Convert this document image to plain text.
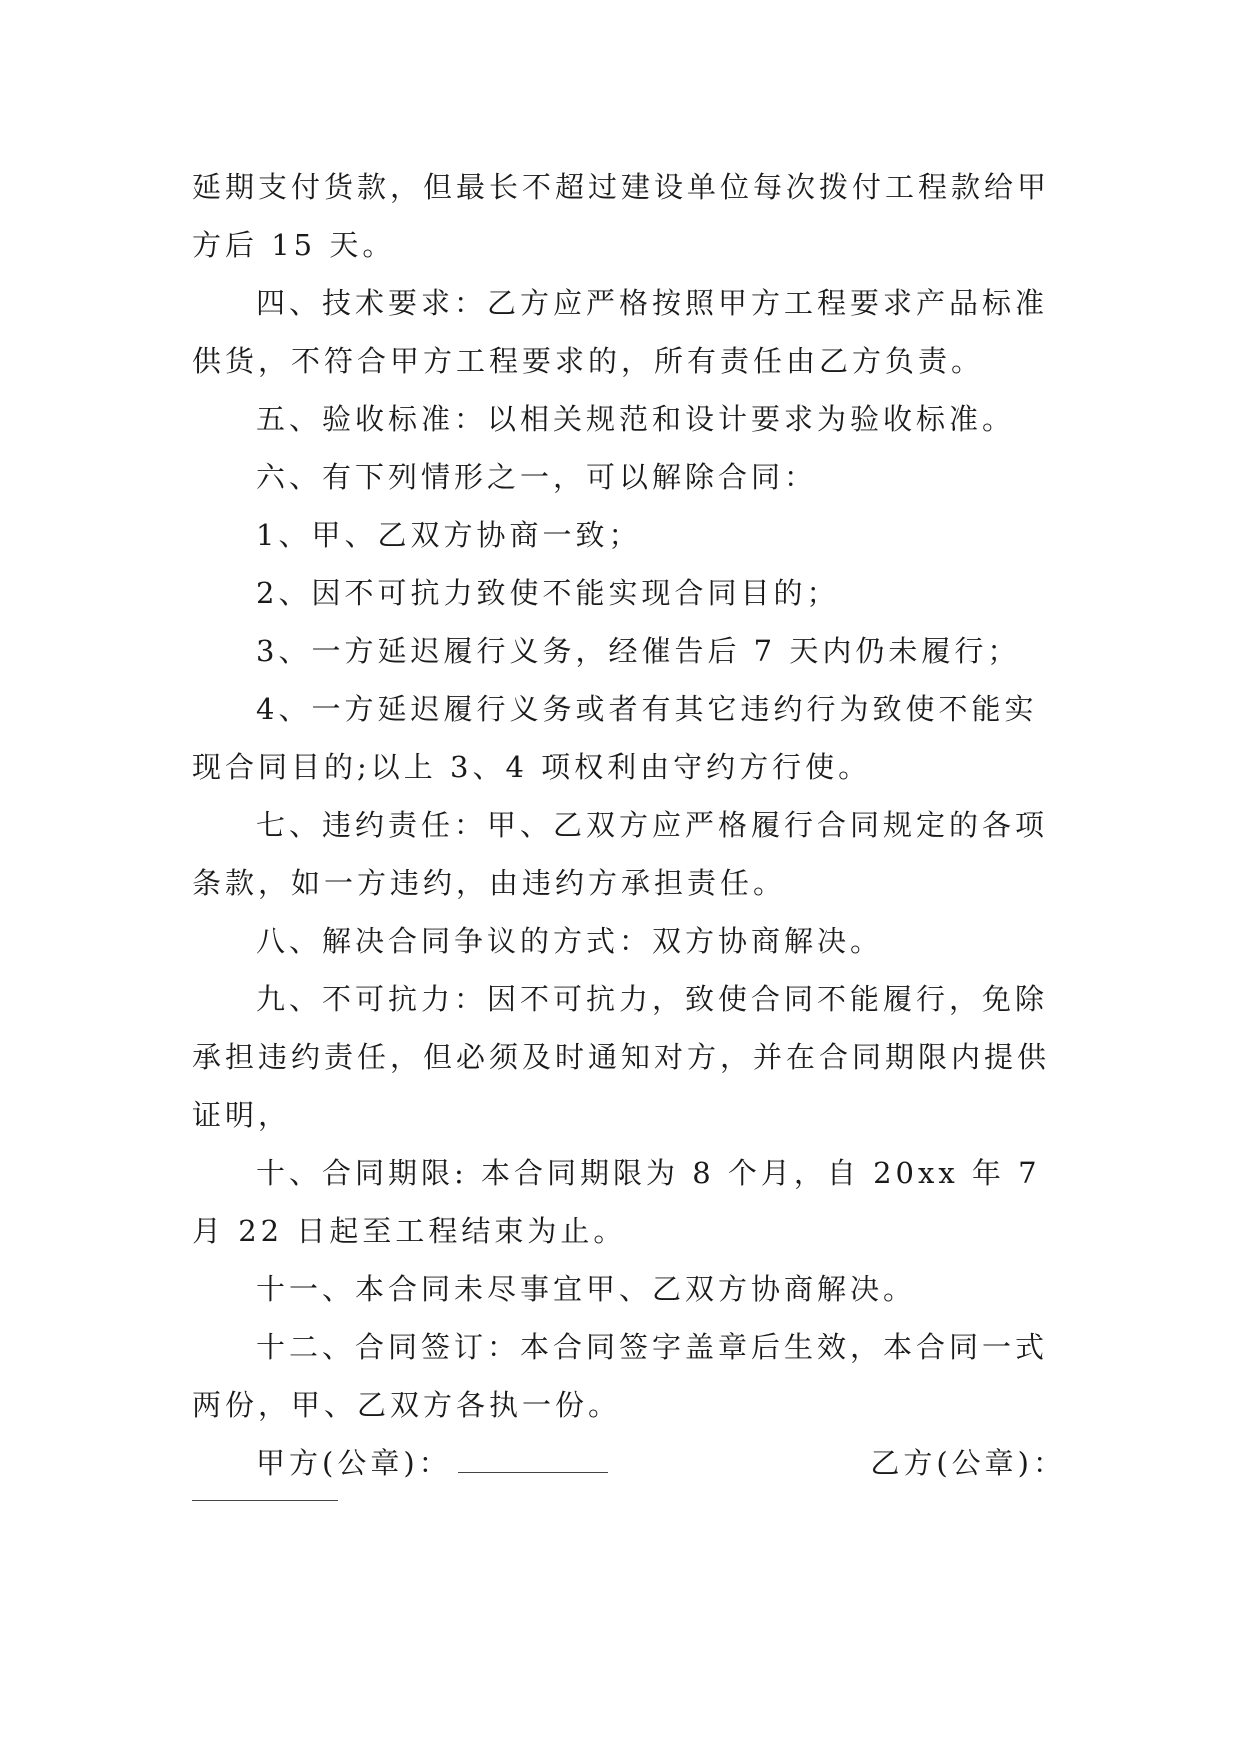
延期支付货款，但最长不超过建设单位每次拨付工程款给甲方后 15 天。

四、技术要求：乙方应严格按照甲方工程要求产品标准供货，不符合甲方工程要求的，所有责任由乙方负责。

五、验收标准：以相关规范和设计要求为验收标准。

六、有下列情形之一，可以解除合同：

1、甲、乙双方协商一致；

2、因不可抗力致使不能实现合同目的；

3、一方延迟履行义务，经催告后 7 天内仍未履行；

4、一方延迟履行义务或者有其它违约行为致使不能实现合同目的;以上 3、4 项权利由守约方行使。

七、违约责任：甲、乙双方应严格履行合同规定的各项条款，如一方违约，由违约方承担责任。

八、解决合同争议的方式：双方协商解决。

九、不可抗力：因不可抗力，致使合同不能履行，免除承担违约责任，但必须及时通知对方，并在合同期限内提供证明，

十、合同期限: 本合同期限为 8 个月，自 20xx 年 7 月 22 日起至工程结束为止。

十一、本合同未尽事宜甲、乙双方协商解决。

十二、合同签订：本合同签字盖章后生效，本合同一式两份，甲、乙双方各执一份。

甲方(公章)：	乙方(公章)：
